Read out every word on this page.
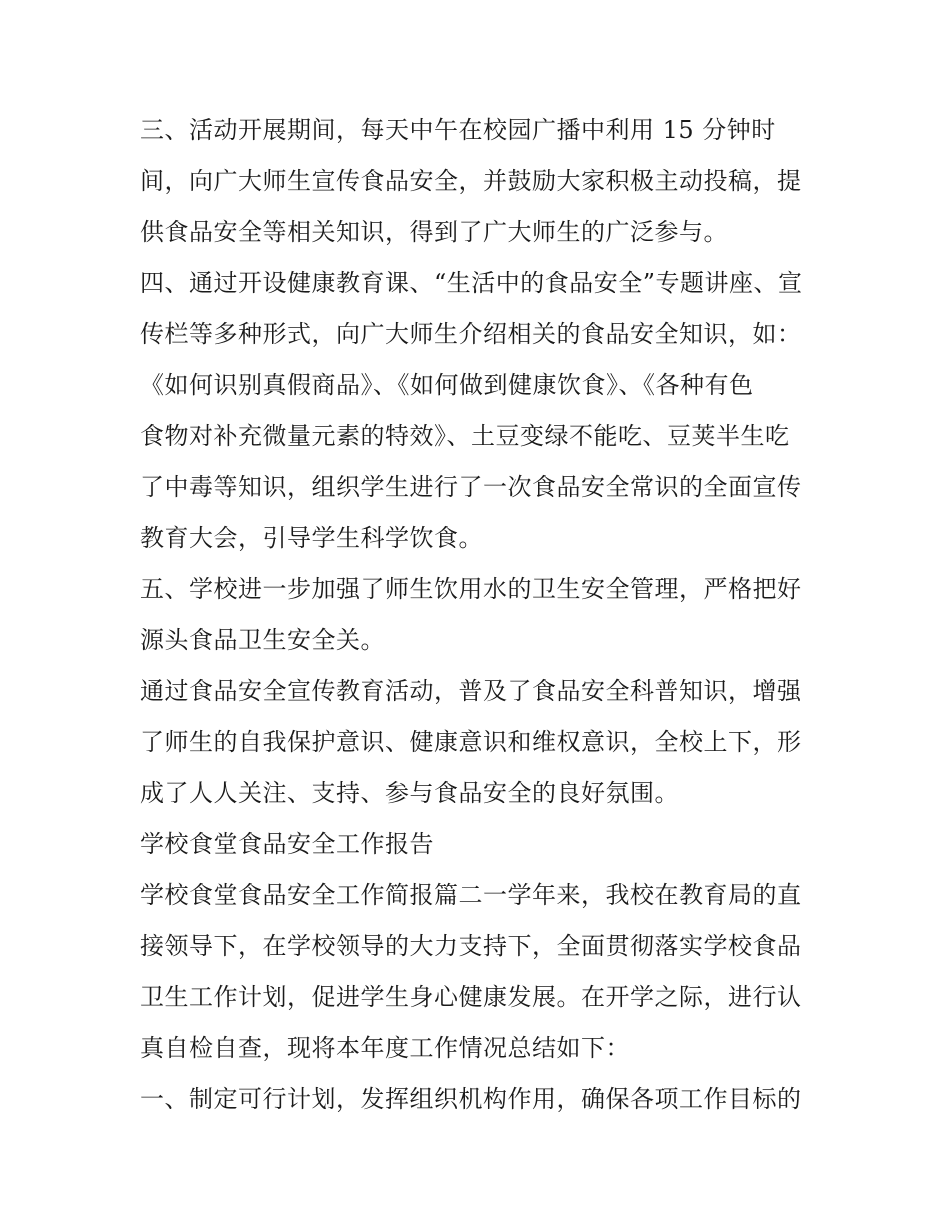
三、活动开展期间，每天中午在校园广播中利用 15 分钟时
间，向广大师生宣传食品安全，并鼓励大家积极主动投稿，提
供食品安全等相关知识，得到了广大师生的广泛参与。
四、通过开设健康教育课、“生活中的食品安全”专题讲座、宣
传栏等多种形式，向广大师生介绍相关的食品安全知识，如：
《如何识别真假商品》、《如何做到健康饮食》、《各种有色
食物对补充微量元素的特效》、土豆变绿不能吃、豆荚半生吃
了中毒等知识，组织学生进行了一次食品安全常识的全面宣传
教育大会，引导学生科学饮食。
五、学校进一步加强了师生饮用水的卫生安全管理，严格把好
源头食品卫生安全关。
通过食品安全宣传教育活动，普及了食品安全科普知识，增强
了师生的自我保护意识、健康意识和维权意识，全校上下，形
成了人人关注、支持、参与食品安全的良好氛围。
学校食堂食品安全工作报告
学校食堂食品安全工作简报篇二一学年来，我校在教育局的直
接领导下，在学校领导的大力支持下，全面贯彻落实学校食品
卫生工作计划，促进学生身心健康发展。在开学之际，进行认
真自检自查，现将本年度工作情况总结如下：
一、制定可行计划，发挥组织机构作用，确保各项工作目标的
